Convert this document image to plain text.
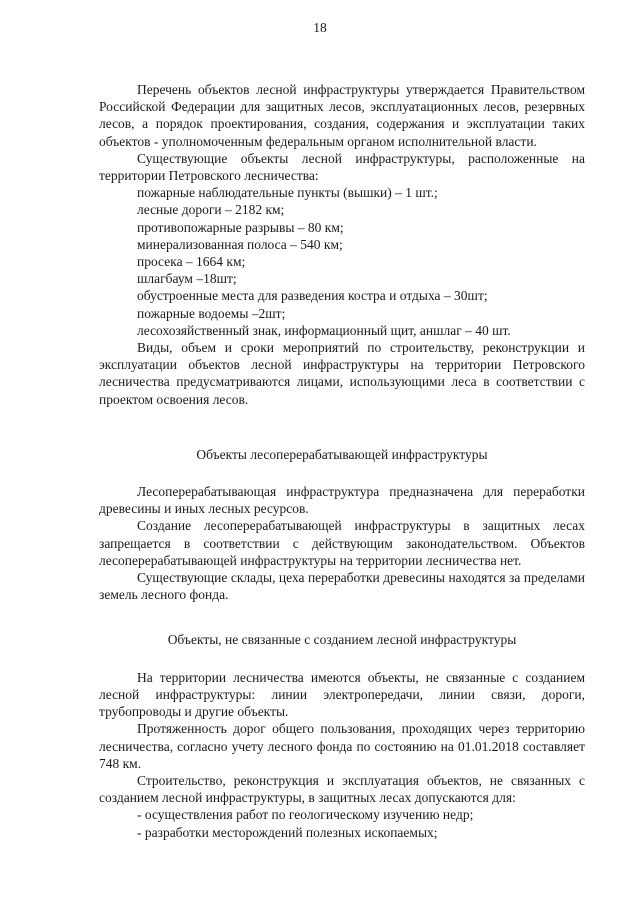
18

Перечень объектов лесной инфраструктуры утверждается Правительством Российской Федерации для защитных лесов, эксплуатационных лесов, резервных лесов, а порядок проектирования, создания, содержания и эксплуатации таких объектов - уполномоченным федеральным органом исполнительной власти.

Существующие объекты лесной инфраструктуры, расположенные на территории Петровского лесничества:

пожарные наблюдательные пункты (вышки) – 1 шт.;

лесные дороги – 2182 км;

противопожарные разрывы – 80 км;

минерализованная полоса – 540 км;

просека – 1664 км;

шлагбаум –18шт;

обустроенные места для разведения костра и отдыха – 30шт;

пожарные водоемы –2шт;

лесохозяйственный знак, информационный щит, аншлаг – 40 шт.

Виды, объем и сроки мероприятий по строительству, реконструкции и эксплуатации объектов лесной инфраструктуры на территории Петровского лесничества предусматриваются лицами, использующими леса в соответствии с проектом освоения лесов.

Объекты лесоперерабатывающей инфраструктуры

Лесоперерабатывающая инфраструктура предназначена для переработки древесины и иных лесных ресурсов.

Создание лесоперерабатывающей инфраструктуры в защитных лесах запрещается в соответствии с действующим законодательством. Объектов лесоперерабатывающей инфраструктуры на территории лесничества нет.

Существующие склады, цеха переработки древесины находятся за пределами земель лесного фонда.

Объекты, не связанные с созданием лесной инфраструктуры

На территории лесничества имеются объекты, не связанные с созданием лесной инфраструктуры: линии электропередачи, линии связи, дороги, трубопроводы и другие объекты.

Протяженность дорог общего пользования, проходящих через территорию лесничества, согласно учету лесного фонда по состоянию на 01.01.2018 составляет 748 км.

Строительство, реконструкция и эксплуатация объектов, не связанных с созданием лесной инфраструктуры, в защитных лесах допускаются для:

- осуществления работ по геологическому изучению недр;

- разработки месторождений полезных ископаемых;
